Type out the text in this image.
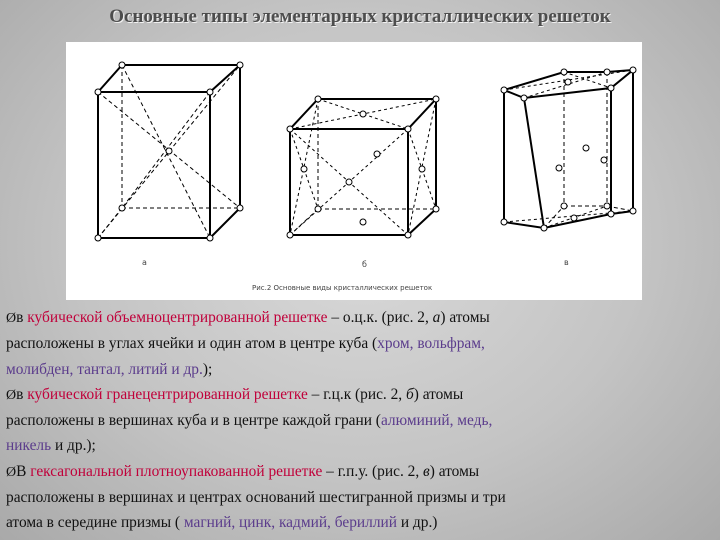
Основные типы элементарных кристаллических решеток
а	б	в
Рис.2 Основные виды кристаллических решеток
Øв кубической объемноцентрированной решетке – о.ц.к. (рис. 2, а) атомы
расположены в углах ячейки и один атом в центре куба (хром, вольфрам,
молибден, тантал, литий и др.);
Øв кубической гранецентрированной решетке – г.ц.к (рис. 2, б) атомы
расположены в вершинах куба и в центре каждой грани (алюминий, медь,
никель и др.);
ØВ гексагональной плотноупакованной решетке – г.п.у. (рис. 2, в) атомы
расположены в вершинах и центрах оснований шестигранной призмы и три
атома в середине призмы ( магний, цинк, кадмий, бериллий и др.)
